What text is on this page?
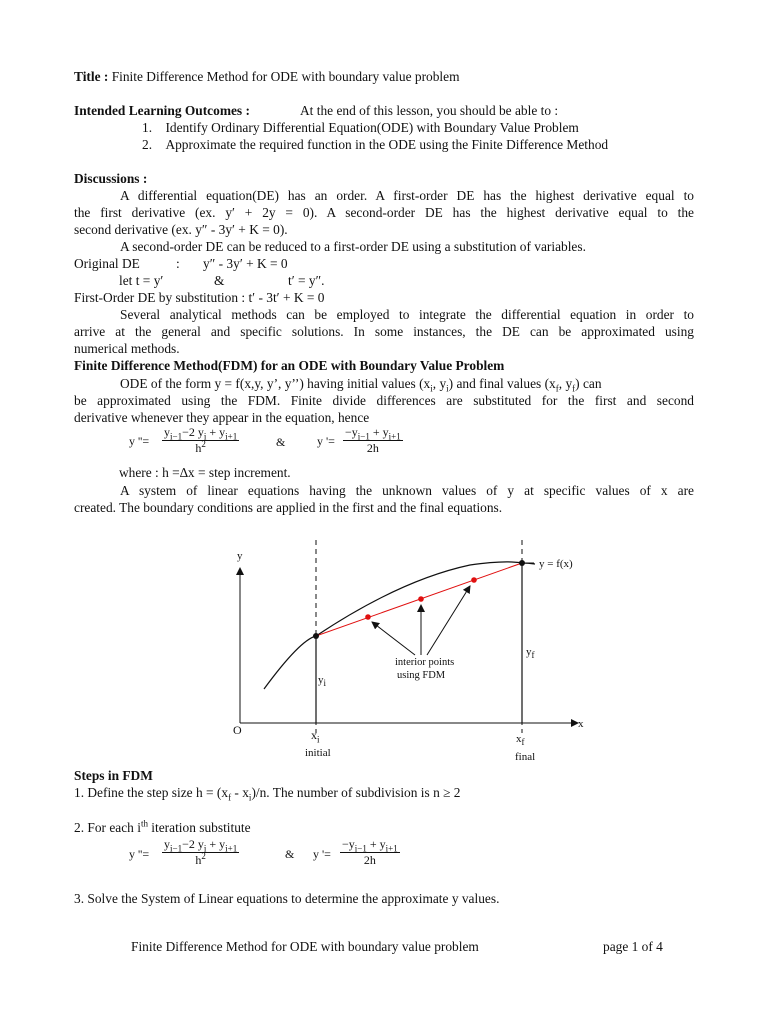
Title : Finite Difference Method for ODE with boundary value problem
Intended Learning Outcomes :	At the end of this lesson, you should be able to :
1. Identify Ordinary Differential Equation(ODE) with Boundary Value Problem
2. Approximate the required function in the ODE using the Finite Difference Method
Discussions :
A differential equation(DE) has an order. A first-order DE has the highest derivative equal to
the first derivative (ex. y′ + 2y = 0). A second-order DE has the highest derivative equal to the
second derivative (ex. y″ - 3y′ + K = 0).
A second-order DE can be reduced to a first-order DE using a substitution of variables.
Original DE	: y″ - 3y′ + K = 0
let t = y′	&	t′ = y″.
First-Order DE by substitution : t′ - 3t′ + K = 0
Several analytical methods can be employed to integrate the differential equation in order to
arrive at the general and specific solutions. In some instances, the DE can be approximated using
numerical methods.
Finite Difference Method(FDM) for an ODE with Boundary Value Problem
ODE of the form y = f(x,y, y’, y’’) having initial values ($x_i$, $y_i$) and final values ($x_f$, $y_f$) can
be approximated using the FDM. Finite divide differences are substituted for the first and second
derivative whenever they appear in the equation, hence
y ''=
$y_{i-1}-2$ $y_i + y_{i+1}$
$h^2$	&	y '=
$-y_{i-1} + y_{i+1}$
2h
where : h =∆x = step increment.
A system of linear equations having the unknown values of y at specific values of x are
created. The boundary conditions are applied in the first and the final equations.
y
x
O
y = f(x)
$y_i$
$y_f$
$x_i$	$x_f$
initial	final
interior points
using FDM
Steps in FDM
1. Define the step size $h = (x_f - x_i)/n$. The number of subdivision is n ≥ 2
2. For each $i^{th}$ iteration substitute
y ''=
$y_{i-1}-2$ $y_i + y_{i+1}$
$h^2$	& y '=
$-y_{i-1} + y_{i+1}$
2h
3. Solve the System of Linear equations to determine the approximate y values.
Finite Difference Method for ODE with boundary value problem	page 1 of 4
